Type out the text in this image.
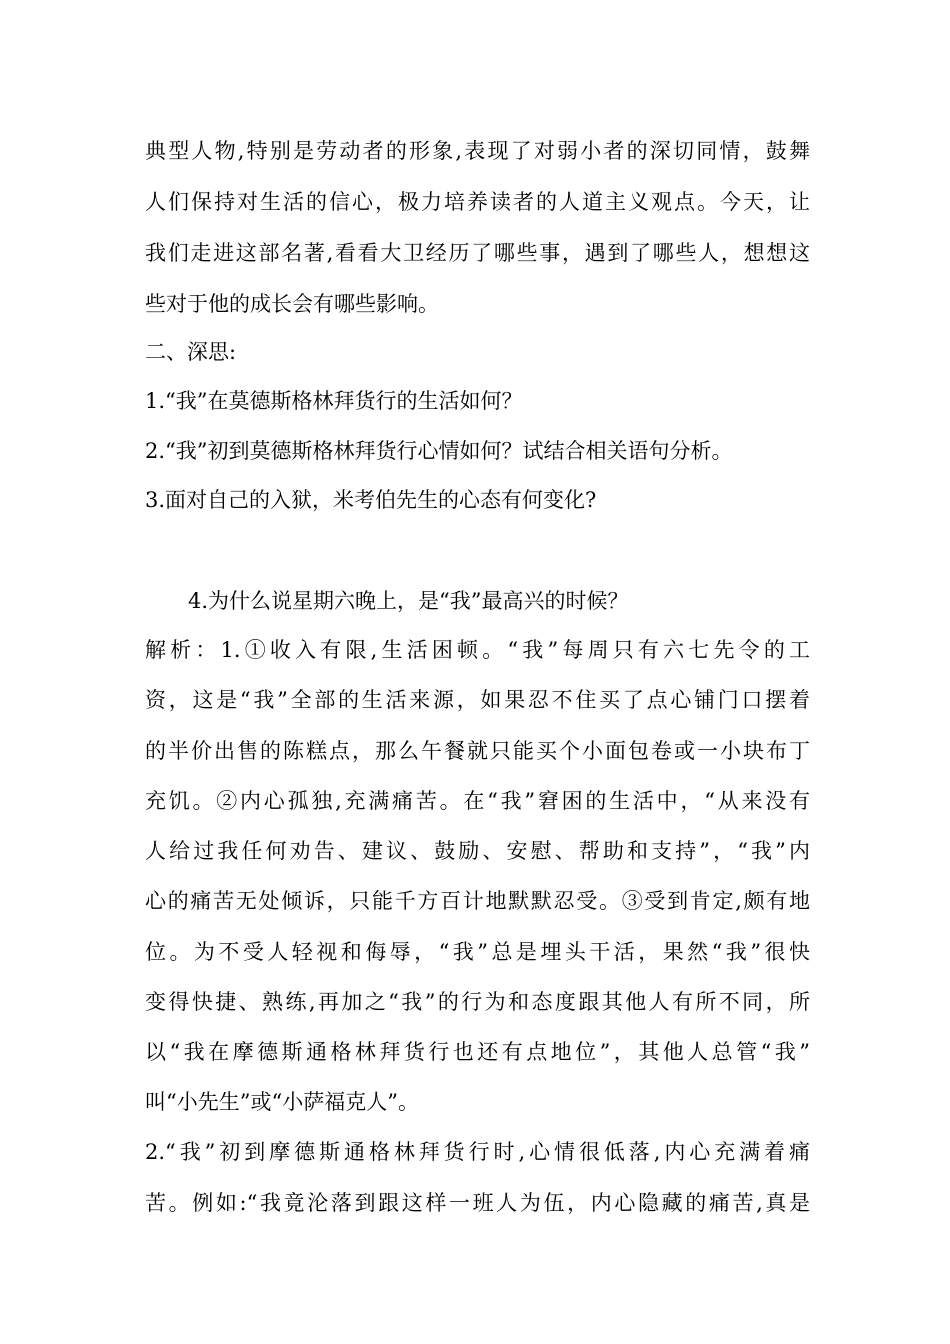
典型人物,特别是劳动者的形象,表现了对弱小者的深切同情，鼓舞
人们保持对生活的信心，极力培养读者的人道主义观点。今天，让
我们走进这部名著,看看大卫经历了哪些事，遇到了哪些人，想想这
些对于他的成长会有哪些影响。
二、深思:
1.“我”在莫德斯格林拜货行的生活如何？
2.“我”初到莫德斯格林拜货行心情如何？试结合相关语句分析。
3.面对自己的入狱，米考伯先生的心态有何变化?
4.为什么说星期六晚上，是“我”最高兴的时候？
解析：1.①收入有限,生活困顿。“我”每周只有六七先令的工
资，这是“我”全部的生活来源，如果忍不住买了点心铺门口摆着
的半价出售的陈糕点，那么午餐就只能买个小面包卷或一小块布丁
充饥。②内心孤独,充满痛苦。在“我”窘困的生活中，“从来没有
人给过我任何劝告、建议、鼓励、安慰、帮助和支持”，“我”内
心的痛苦无处倾诉，只能千方百计地默默忍受。③受到肯定,颇有地
位。为不受人轻视和侮辱，“我”总是埋头干活，果然“我”很快
变得快捷、熟练,再加之“我”的行为和态度跟其他人有所不同，所
以“我在摩德斯通格林拜货行也还有点地位”，其他人总管“我”
叫“小先生”或“小萨福克人”。
2.“我”初到摩德斯通格林拜货行时,心情很低落,内心充满着痛
苦。例如:“我竟沦落到跟这样一班人为伍，内心隐藏的痛苦,真是
